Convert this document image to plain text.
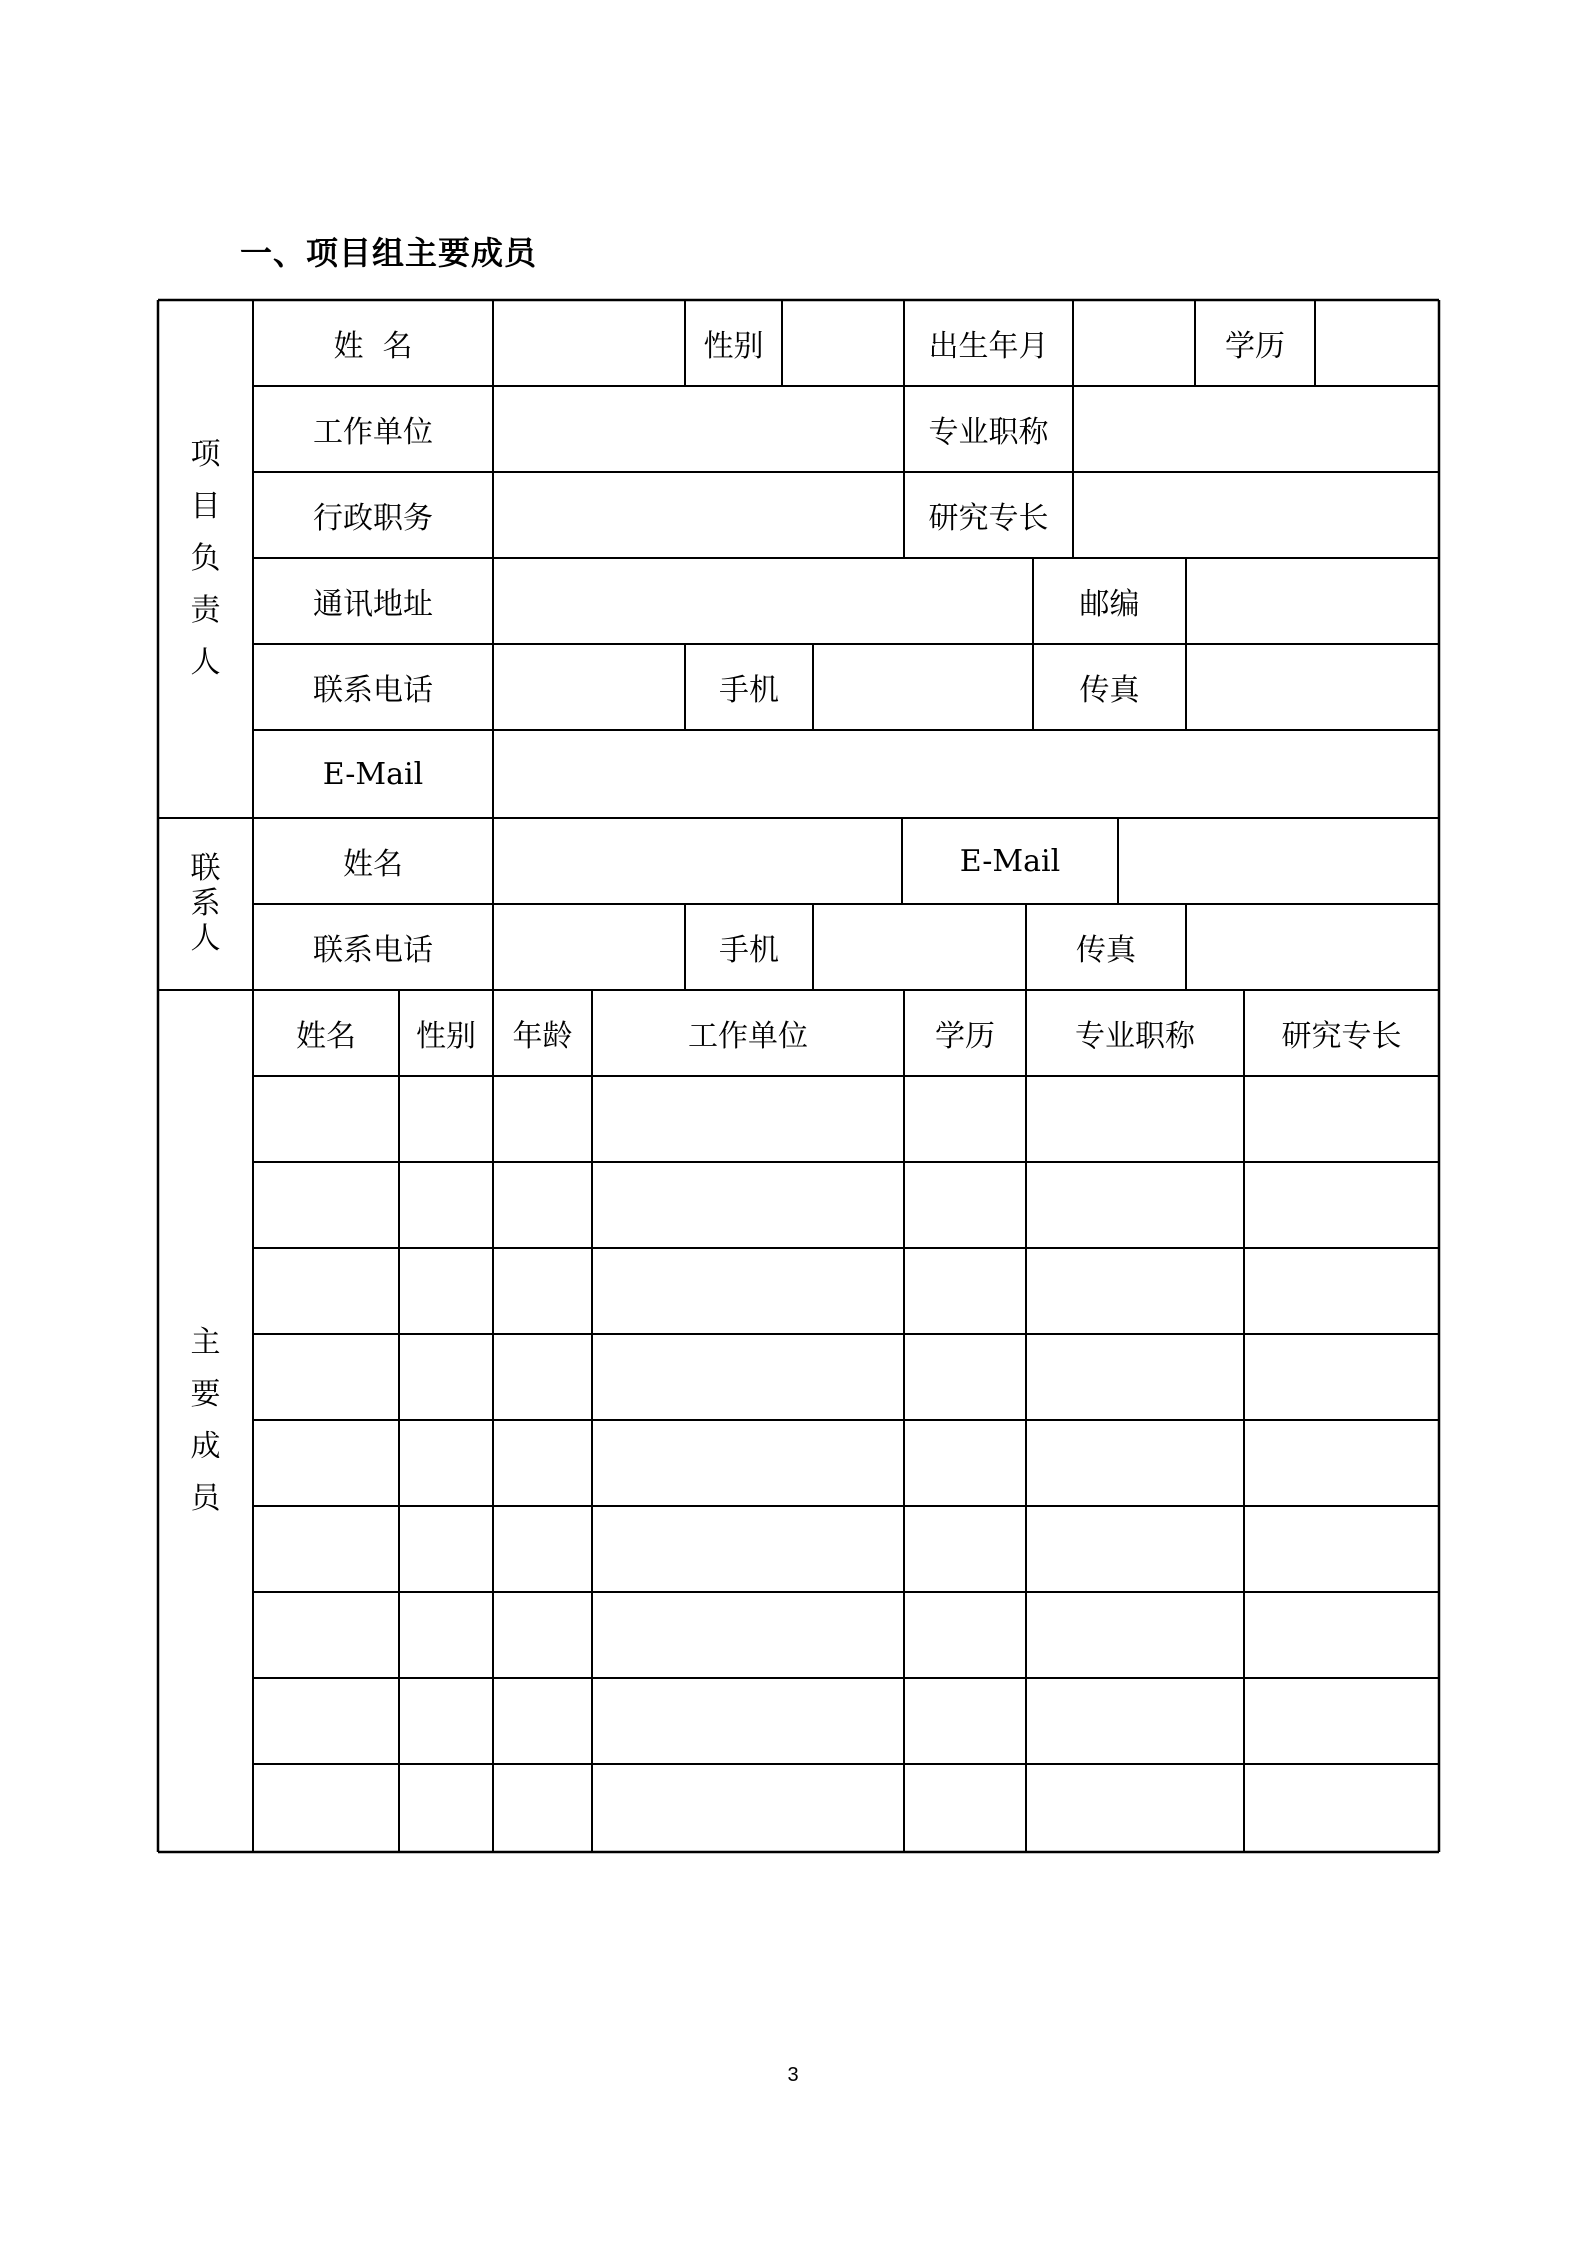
一、项目组主要成员
项
目
负
责
人
姓  名	性别	出生年月	学历
工作单位	专业职称
行政职务	研究专长
通讯地址	邮编
联系电话	手机	传真
E-Mail
联
系
人
姓名	E-Mail
联系电话	手机	传真
主
要
成
员
姓名	性别	年龄	工作单位	学历	专业职称	研究专长
3
